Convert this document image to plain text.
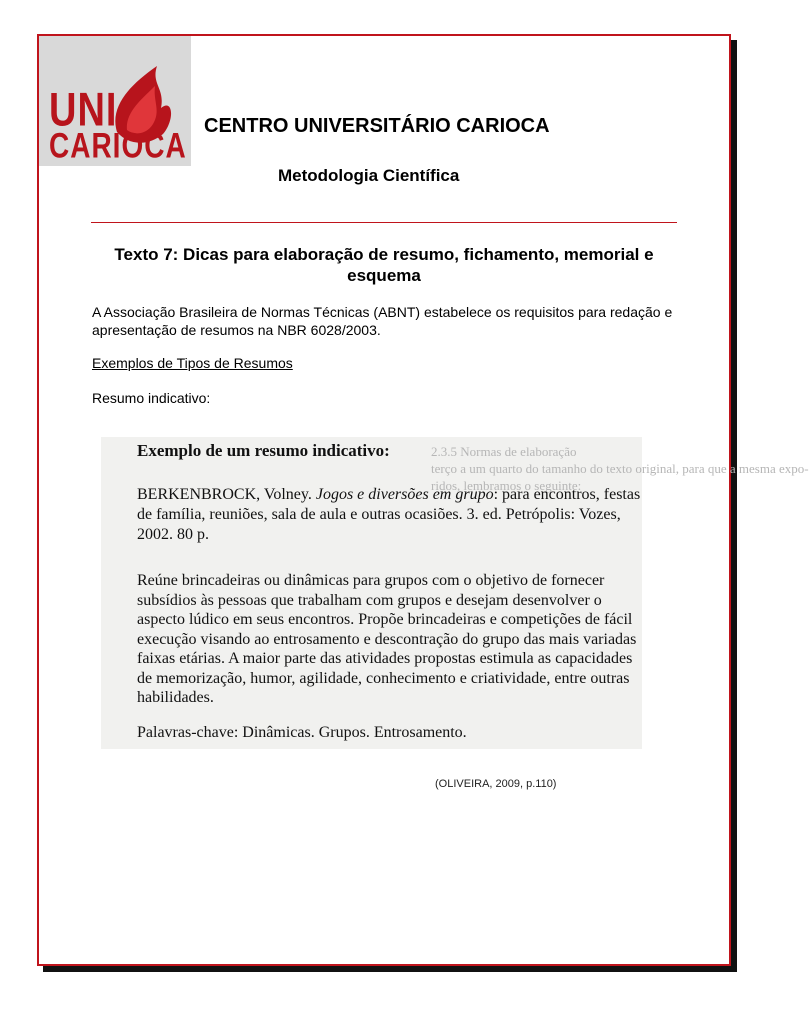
UNI
CARIOCA CENTRO UNIVERSITÁRIO CARIOCA
Metodologia Científica
Texto 7: Dicas para elaboração de resumo, fichamento, memorial e esquema
A Associação Brasileira de Normas Técnicas (ABNT) estabelece os requisitos para redação e apresentação de resumos na NBR 6028/2003.
Exemplos de Tipos de Resumos
Resumo indicativo:
2.3.5 Normas de elaboração
terço a um quarto do tamanho do texto original, para que a mesma expo-
ridos, lembramos o seguinte:
Exemplo de um resumo indicativo:
BERKENBROCK, Volney. Jogos e diversões em grupo: para encontros, festas de família, reuniões, sala de aula e outras ocasiões. 3. ed. Petrópolis: Vozes, 2002. 80 p.
Reúne brincadeiras ou dinâmicas para grupos com o objetivo de fornecer subsídios às pessoas que trabalham com grupos e desejam desenvolver o aspecto lúdico em seus encontros. Propõe brincadeiras e competições de fácil execução visando ao entrosamento e descontração do grupo das mais variadas faixas etárias. A maior parte das atividades propostas estimula as capacidades de memorização, humor, agilidade, conhecimento e criatividade, entre outras habilidades.
Palavras-chave: Dinâmicas. Grupos. Entrosamento.
(OLIVEIRA, 2009, p.110)
